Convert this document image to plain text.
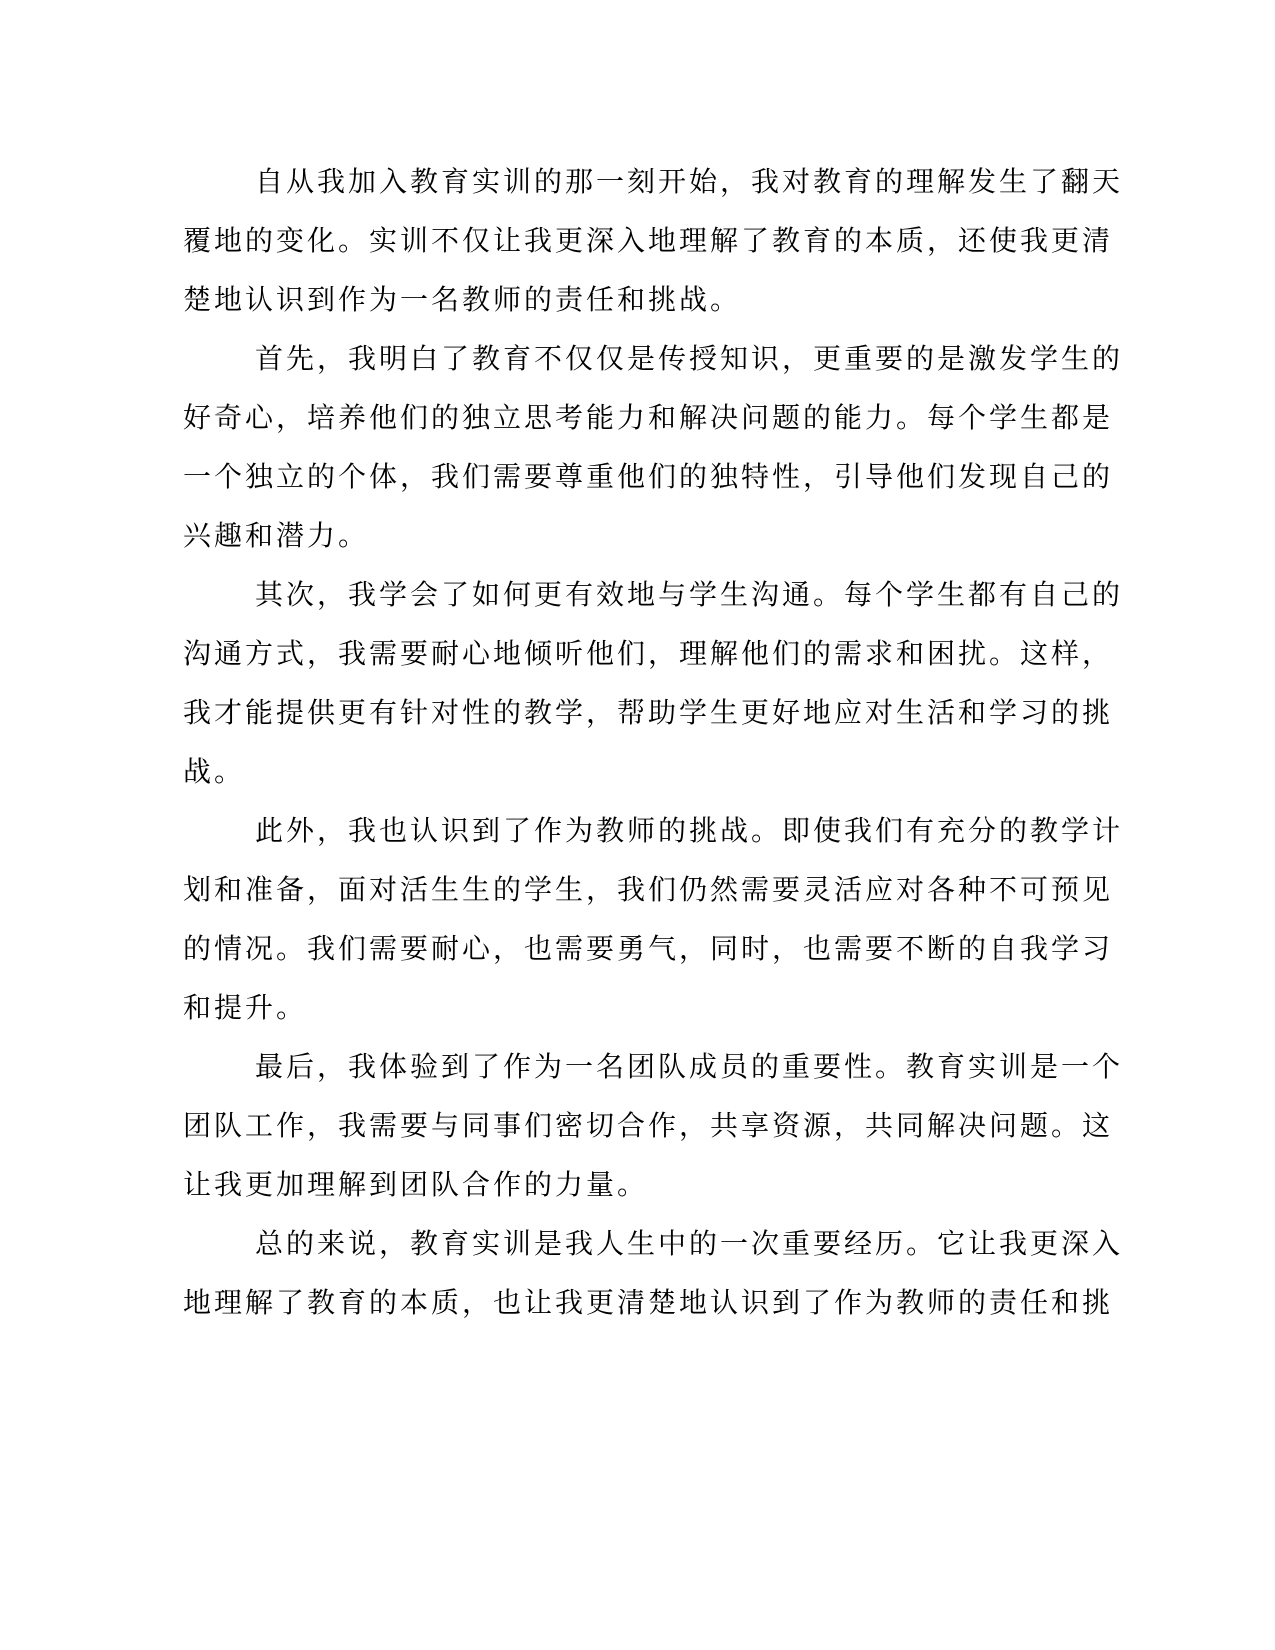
自从我加入教育实训的那一刻开始，我对教育的理解发生了翻天
覆地的变化。实训不仅让我更深入地理解了教育的本质，还使我更清
楚地认识到作为一名教师的责任和挑战。
首先，我明白了教育不仅仅是传授知识，更重要的是激发学生的
好奇心，培养他们的独立思考能力和解决问题的能力。每个学生都是
一个独立的个体，我们需要尊重他们的独特性，引导他们发现自己的
兴趣和潜力。
其次，我学会了如何更有效地与学生沟通。每个学生都有自己的
沟通方式，我需要耐心地倾听他们，理解他们的需求和困扰。这样，
我才能提供更有针对性的教学，帮助学生更好地应对生活和学习的挑
战。
此外，我也认识到了作为教师的挑战。即使我们有充分的教学计
划和准备，面对活生生的学生，我们仍然需要灵活应对各种不可预见
的情况。我们需要耐心，也需要勇气，同时，也需要不断的自我学习
和提升。
最后，我体验到了作为一名团队成员的重要性。教育实训是一个
团队工作，我需要与同事们密切合作，共享资源，共同解决问题。这
让我更加理解到团队合作的力量。
总的来说，教育实训是我人生中的一次重要经历。它让我更深入
地理解了教育的本质，也让我更清楚地认识到了作为教师的责任和挑
